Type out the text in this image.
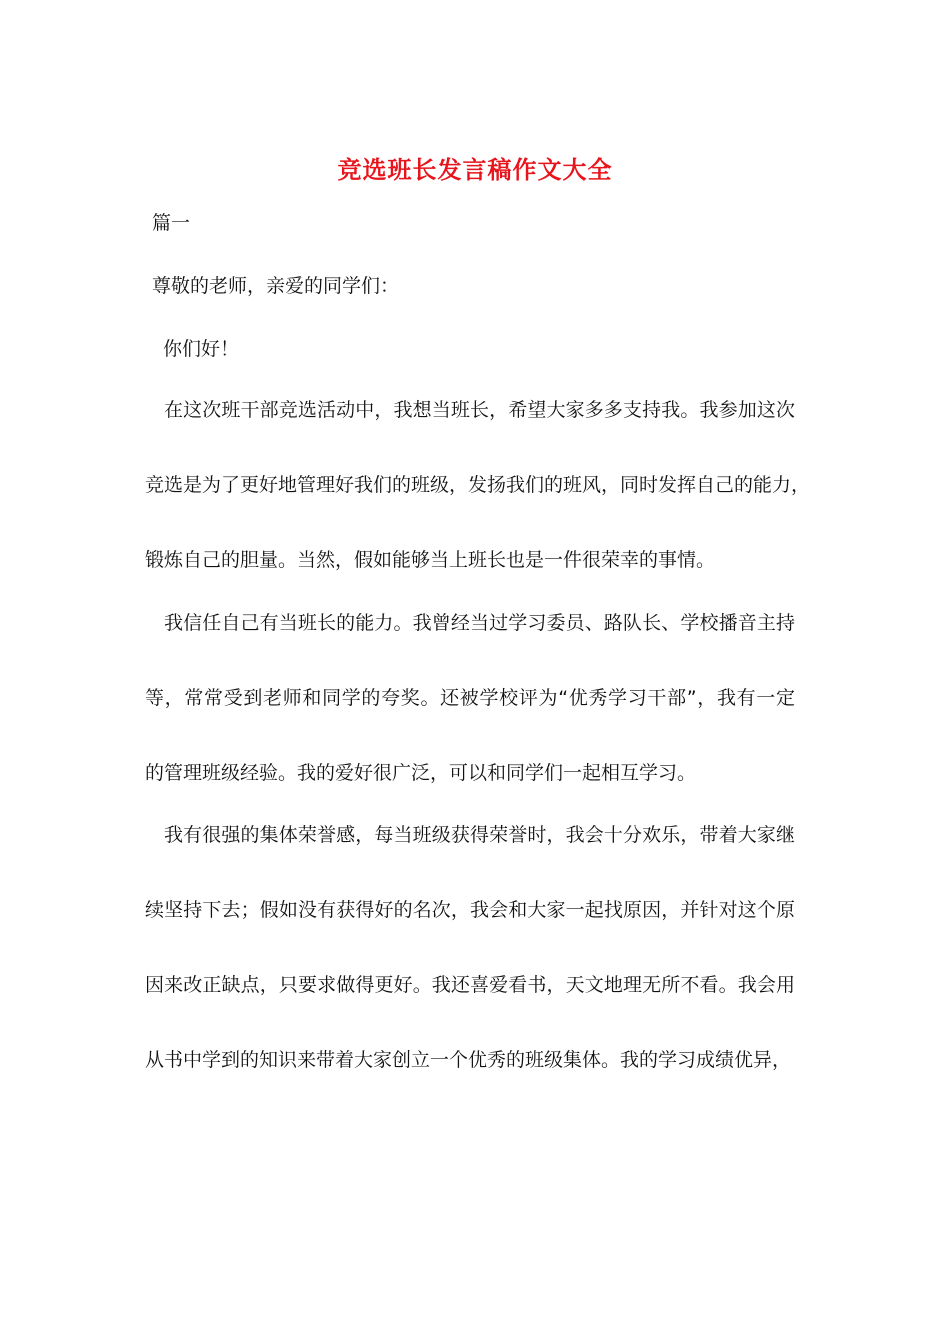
竞选班长发言稿作文大全
篇一
尊敬的老师，亲爱的同学们：
你们好！
在这次班干部竞选活动中，我想当班长，希望大家多多支持我。我参加这次
竞选是为了更好地管理好我们的班级，发扬我们的班风，同时发挥自己的能力，
锻炼自己的胆量。当然，假如能够当上班长也是一件很荣幸的事情。
我信任自己有当班长的能力。我曾经当过学习委员、路队长、学校播音主持
等，常常受到老师和同学的夸奖。还被学校评为“优秀学习干部”，我有一定
的管理班级经验。我的爱好很广泛，可以和同学们一起相互学习。
我有很强的集体荣誉感，每当班级获得荣誉时，我会十分欢乐，带着大家继
续坚持下去；假如没有获得好的名次，我会和大家一起找原因，并针对这个原
因来改正缺点，只要求做得更好。我还喜爱看书，天文地理无所不看。我会用
从书中学到的知识来带着大家创立一个优秀的班级集体。我的学习成绩优异，
